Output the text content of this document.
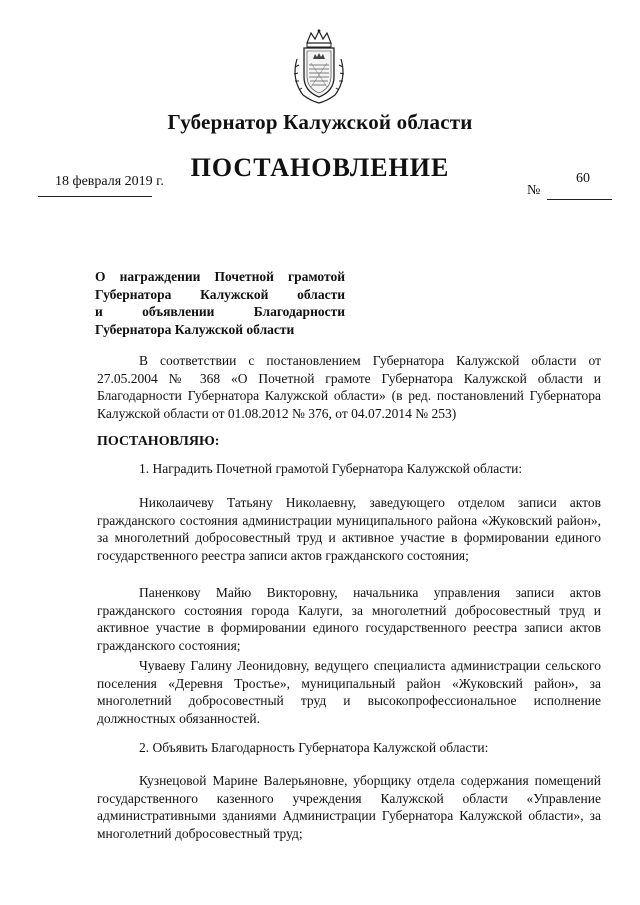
Губернатор Калужской области
ПОСТАНОВЛЕНИЕ
18 февраля 2019 г.	60
№
О награждении Почетной грамотой
Губернатора Калужской области
и объявлении Благодарности
Губернатора Калужской области

В соответствии с постановлением Губернатора Калужской области от 27.05.2004 № 368 «О Почетной грамоте Губернатора Калужской области и Благодарности Губернатора Калужской области» (в ред. постановлений Губернатора Калужской области от 01.08.2012 № 376, от 04.07.2014 № 253)

ПОСТАНОВЛЯЮ:

1. Наградить Почетной грамотой Губернатора Калужской области:

Николаичеву Татьяну Николаевну, заведующего отделом записи актов гражданского состояния администрации муниципального района «Жуковский район», за многолетний добросовестный труд и активное участие в формировании единого государственного реестра записи актов гражданского состояния;

Паненкову Майю Викторовну, начальника управления записи актов гражданского состояния города Калуги, за многолетний добросовестный труд и активное участие в формировании единого государственного реестра записи актов гражданского состояния;

Чуваеву Галину Леонидовну, ведущего специалиста администрации сельского поселения «Деревня Тростье», муниципальный район «Жуковский район», за многолетний добросовестный труд и высокопрофессиональное исполнение должностных обязанностей.

2. Объявить Благодарность Губернатора Калужской области:

Кузнецовой Марине Валерьяновне, уборщику отдела содержания помещений государственного казенного учреждения Калужской области «Управление административными зданиями Администрации Губернатора Калужской области», за многолетний добросовестный труд;
